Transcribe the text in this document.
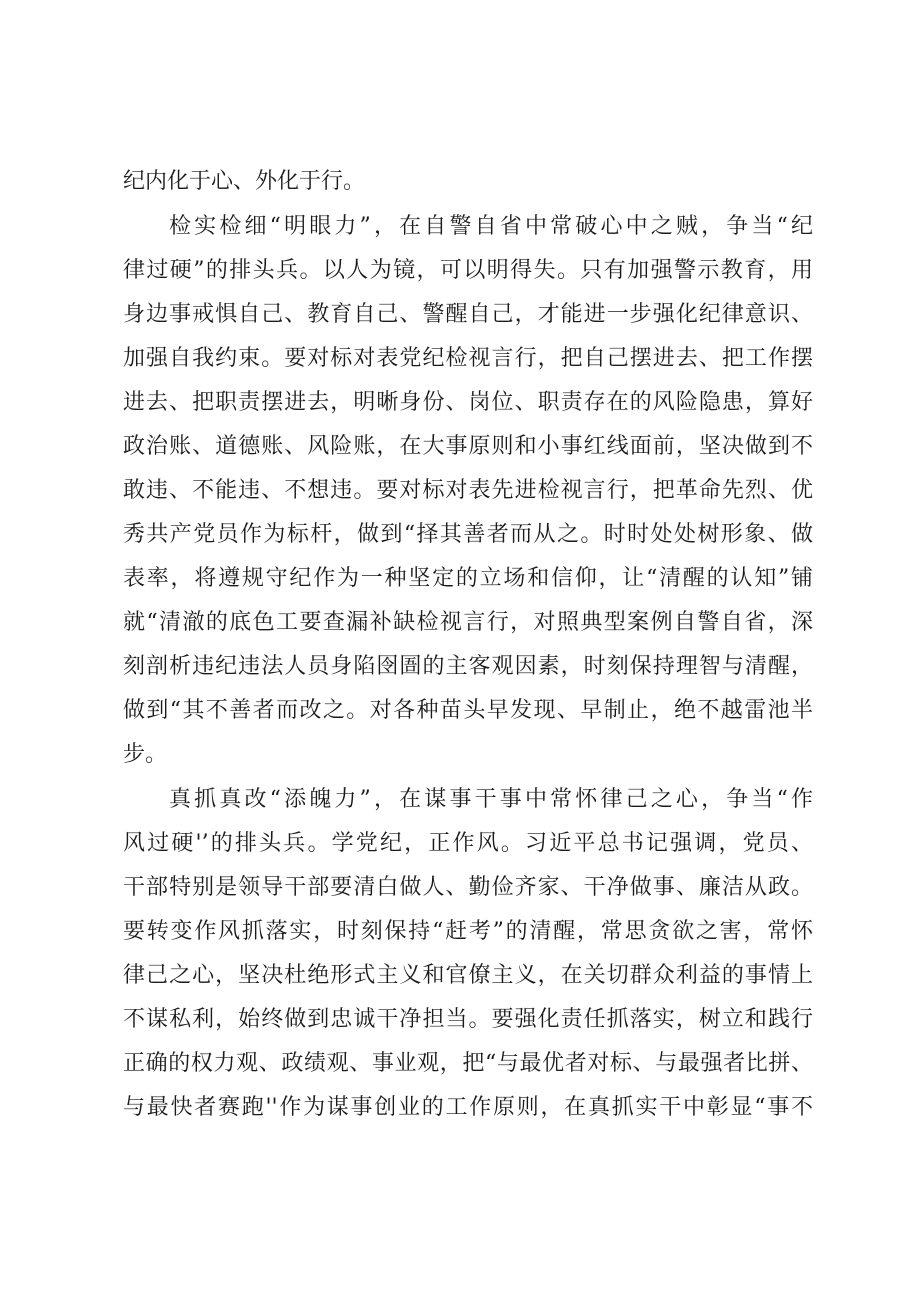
纪内化于心、外化于行。
检实检细“明眼力”，在自警自省中常破心中之贼，争当“纪
律过硬”的排头兵。以人为镜，可以明得失。只有加强警示教育，用
身边事戒惧自己、教育自己、警醒自己，才能进一步强化纪律意识、
加强自我约束。要对标对表党纪检视言行，把自己摆进去、把工作摆
进去、把职责摆进去，明晰身份、岗位、职责存在的风险隐患，算好
政治账、道德账、风险账，在大事原则和小事红线面前，坚决做到不
敢违、不能违、不想违。要对标对表先进检视言行，把革命先烈、优
秀共产党员作为标杆，做到“择其善者而从之。时时处处树形象、做
表率，将遵规守纪作为一种坚定的立场和信仰，让“清醒的认知”铺
就“清澈的底色工要查漏补缺检视言行，对照典型案例自警自省，深
刻剖析违纪违法人员身陷囹圄的主客观因素，时刻保持理智与清醒，
做到“其不善者而改之。对各种苗头早发现、早制止，绝不越雷池半
步。
真抓真改“添魄力”，在谋事干事中常怀律己之心，争当“作
风过硬'’的排头兵。学党纪，正作风。习近平总书记强调，党员、
干部特别是领导干部要清白做人、勤俭齐家、干净做事、廉洁从政。
要转变作风抓落实，时刻保持“赶考”的清醒，常思贪欲之害，常怀
律己之心，坚决杜绝形式主义和官僚主义，在关切群众利益的事情上
不谋私利，始终做到忠诚干净担当。要强化责任抓落实，树立和践行
正确的权力观、政绩观、事业观，把“与最优者对标、与最强者比拼、
与最快者赛跑''作为谋事创业的工作原则，在真抓实干中彰显“事不
